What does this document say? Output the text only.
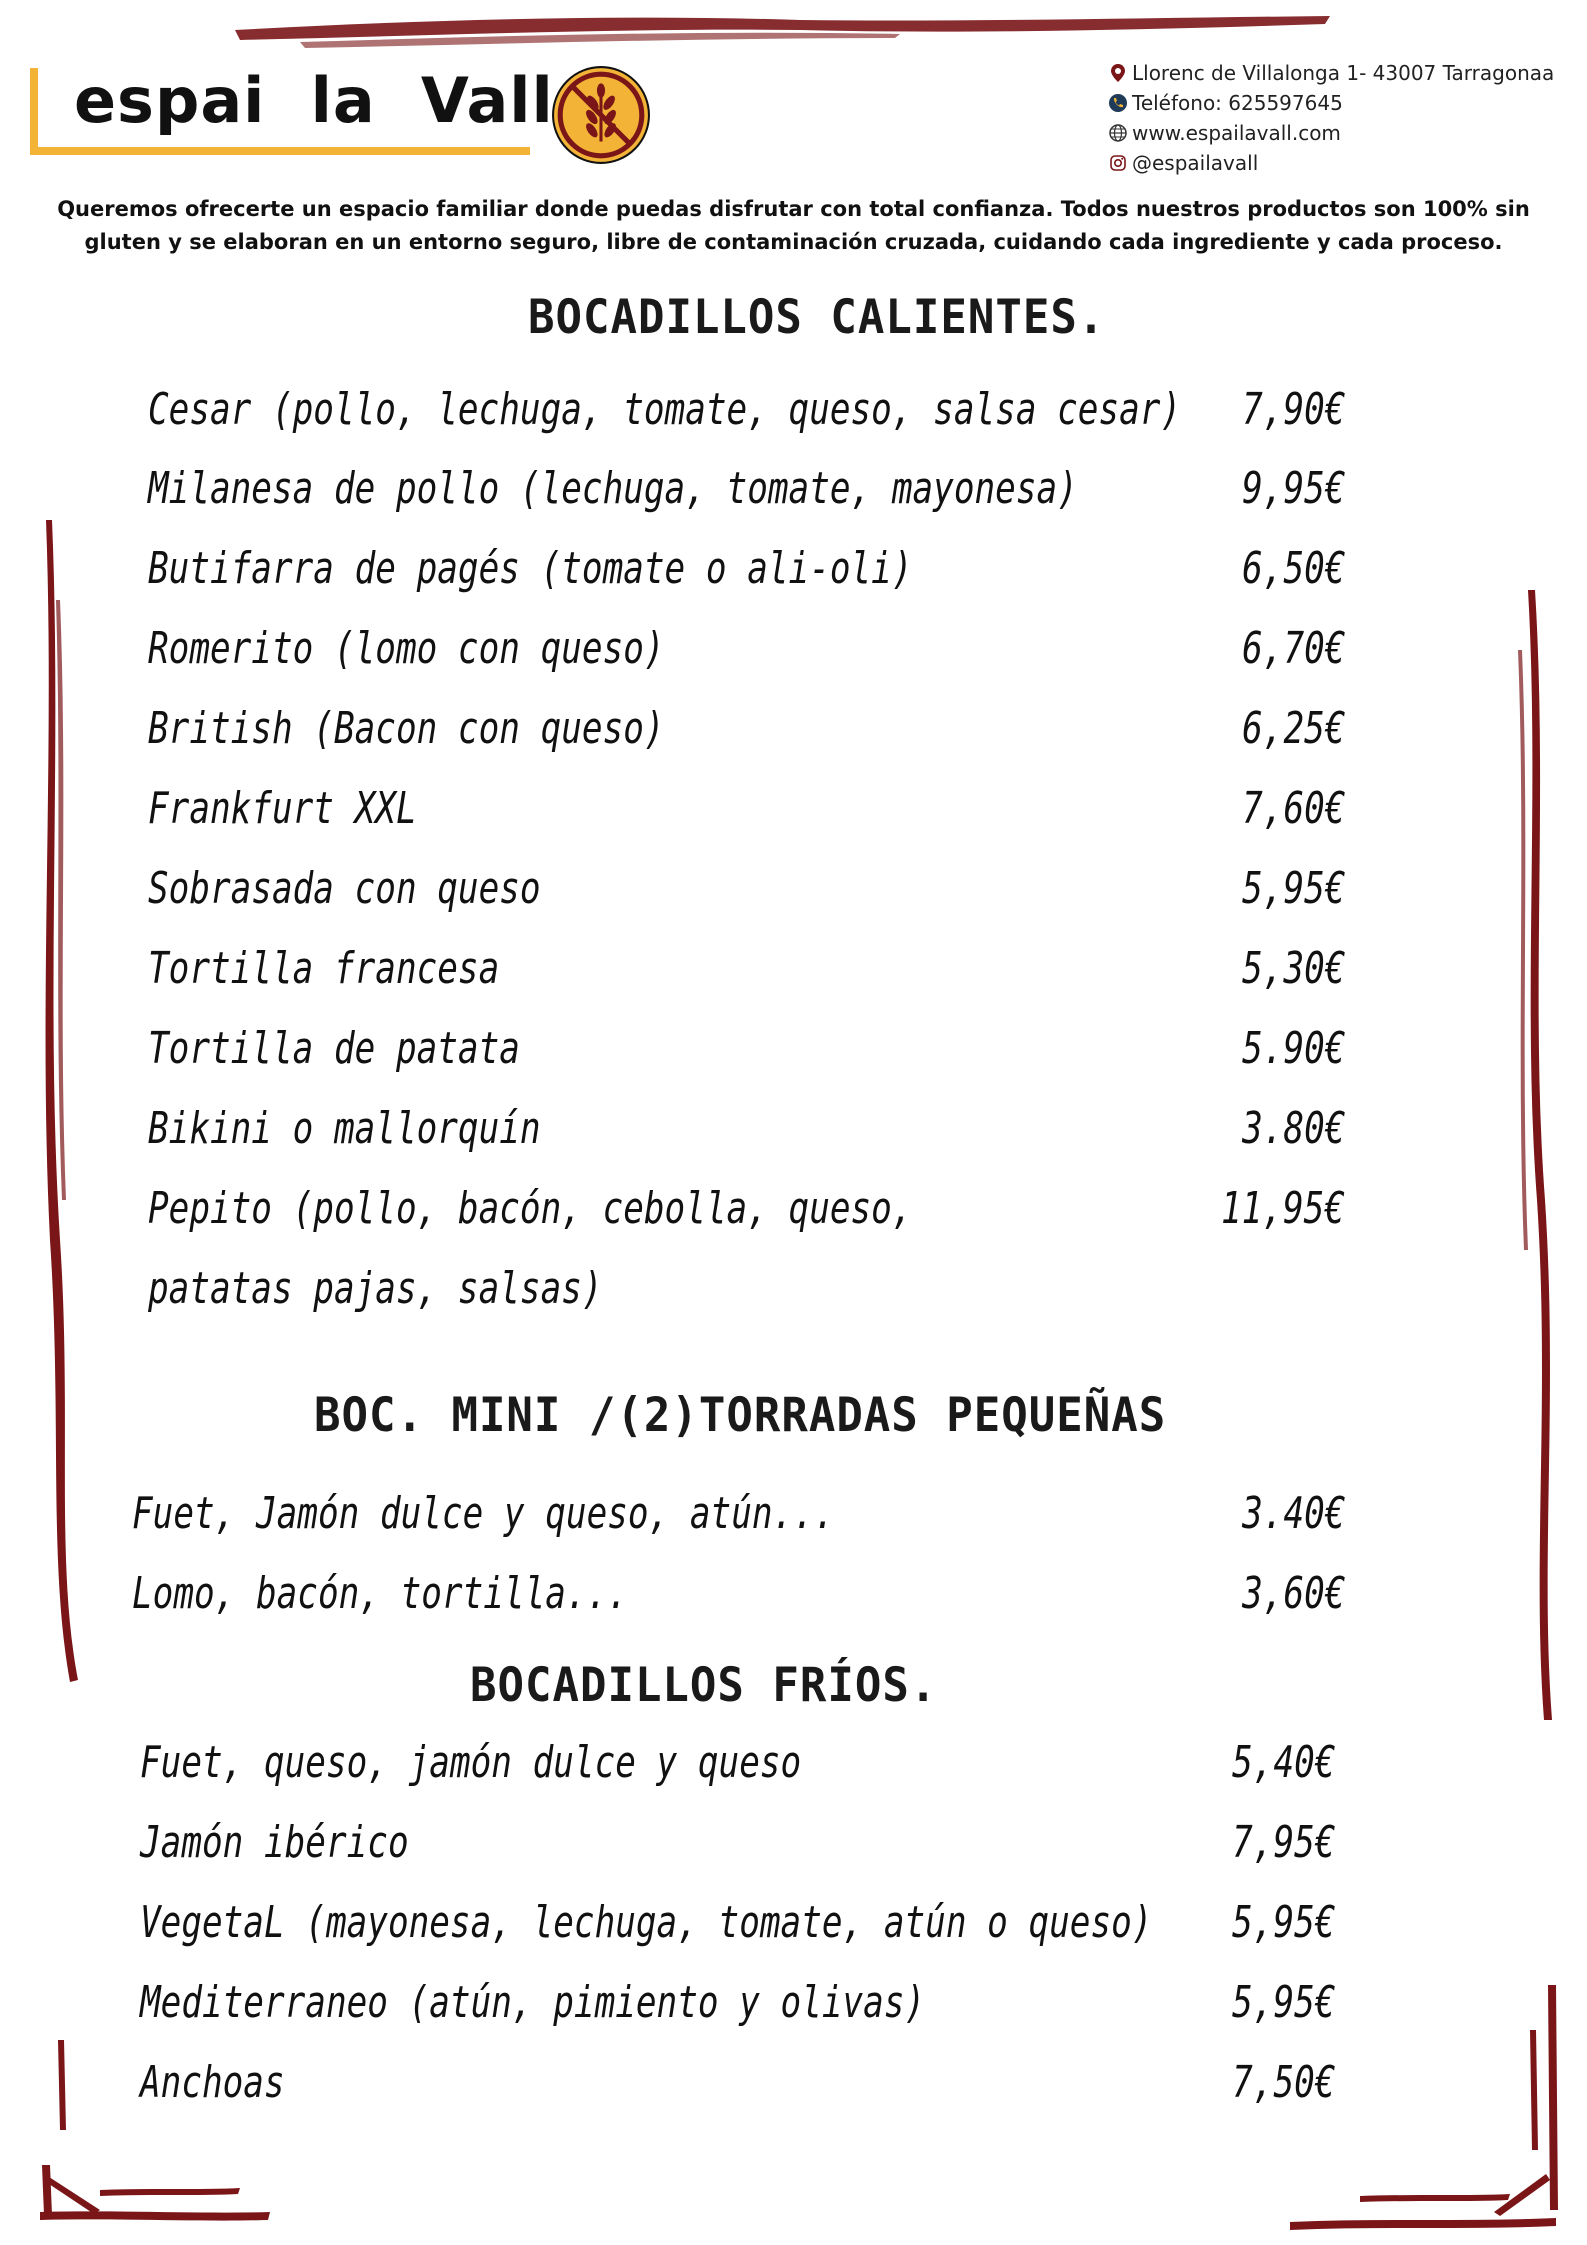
espai  la  Vall	Llorenc de Villalonga 1- 43007 Tarragonaa
Teléfono: 625597645
www.espailavall.com
@espailavall
Queremos ofrecerte un espacio familiar donde puedas disfrutar con total confianza. Todos nuestros productos son 100% sin
gluten y se elaboran en un entorno seguro, libre de contaminación cruzada, cuidando cada ingrediente y cada proceso.
BOCADILLOS CALIENTES.
Cesar (pollo, lechuga, tomate, queso, salsa cesar) 7,90€
Milanesa de pollo (lechuga, tomate, mayonesa)	9,95€
Butifarra de pagés (tomate o ali-oli)	6,50€
Romerito (lomo con queso)	6,70€
British (Bacon con queso)	6,25€
Frankfurt XXL	7,60€
Sobrasada con queso	5,95€
Tortilla francesa	5,30€
Tortilla de patata	5.90€
Bikini o mallorquín	3.80€
Pepito (pollo, bacón, cebolla, queso,	11,95€
patatas pajas, salsas)
BOC. MINI /(2)TORRADAS PEQUEÑAS
Fuet, Jamón dulce y queso, atún...	3.40€
Lomo, bacón, tortilla...	3,60€
BOCADILLOS FRÍOS.
Fuet, queso, jamón dulce y queso	5,40€
Jamón ibérico	7,95€
VegetaL (mayonesa, lechuga, tomate, atún o queso) 5,95€
Mediterraneo (atún, pimiento y olivas)	5,95€
Anchoas	7,50€
